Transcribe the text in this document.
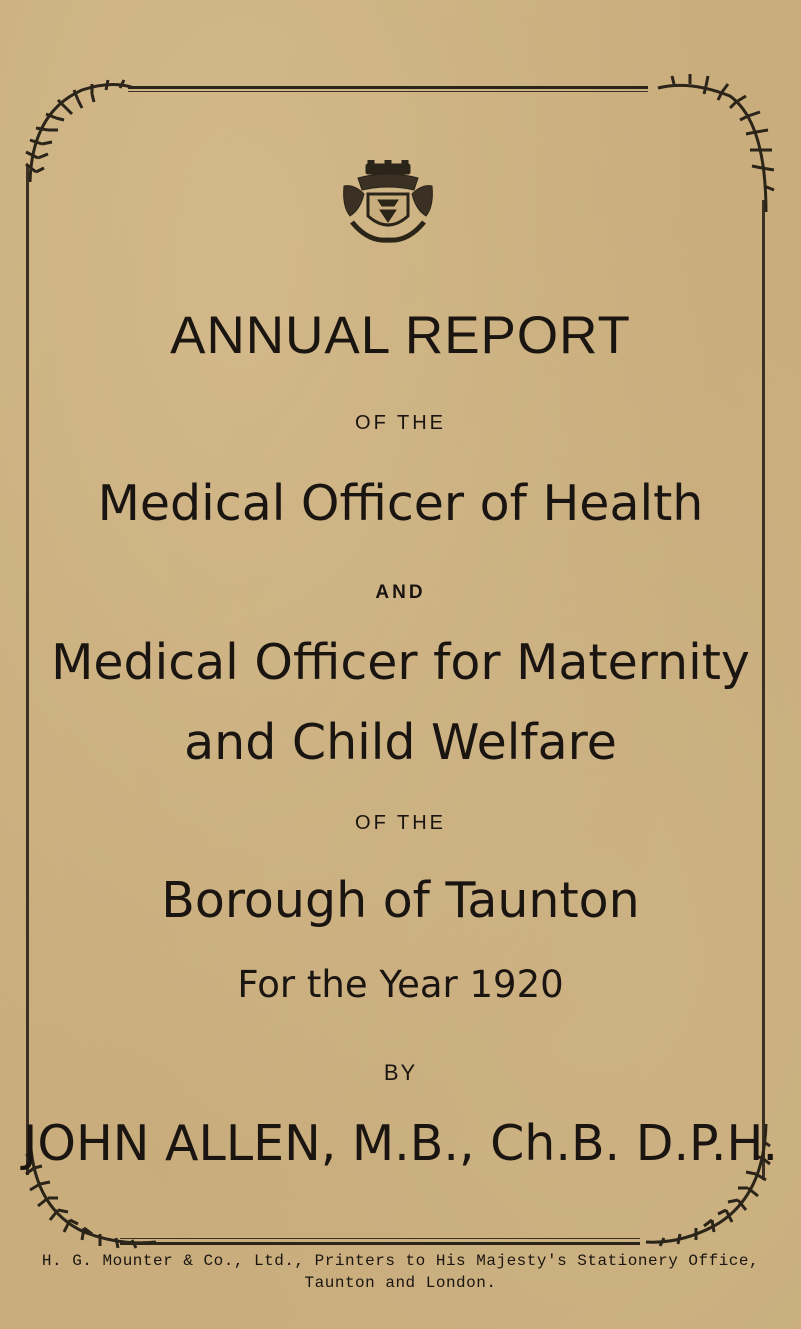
ANNUAL REPORT
OF THE
Medical Officer of Health
AND
Medical Officer for Maternity
and Child Welfare
OF THE
Borough of Taunton
For the Year 1920
BY
JOHN ALLEN, M.B., Ch.B. D.P.H.
H. G. Mounter & Co., Ltd., Printers to His Majesty's Stationery Office,
Taunton and London.
